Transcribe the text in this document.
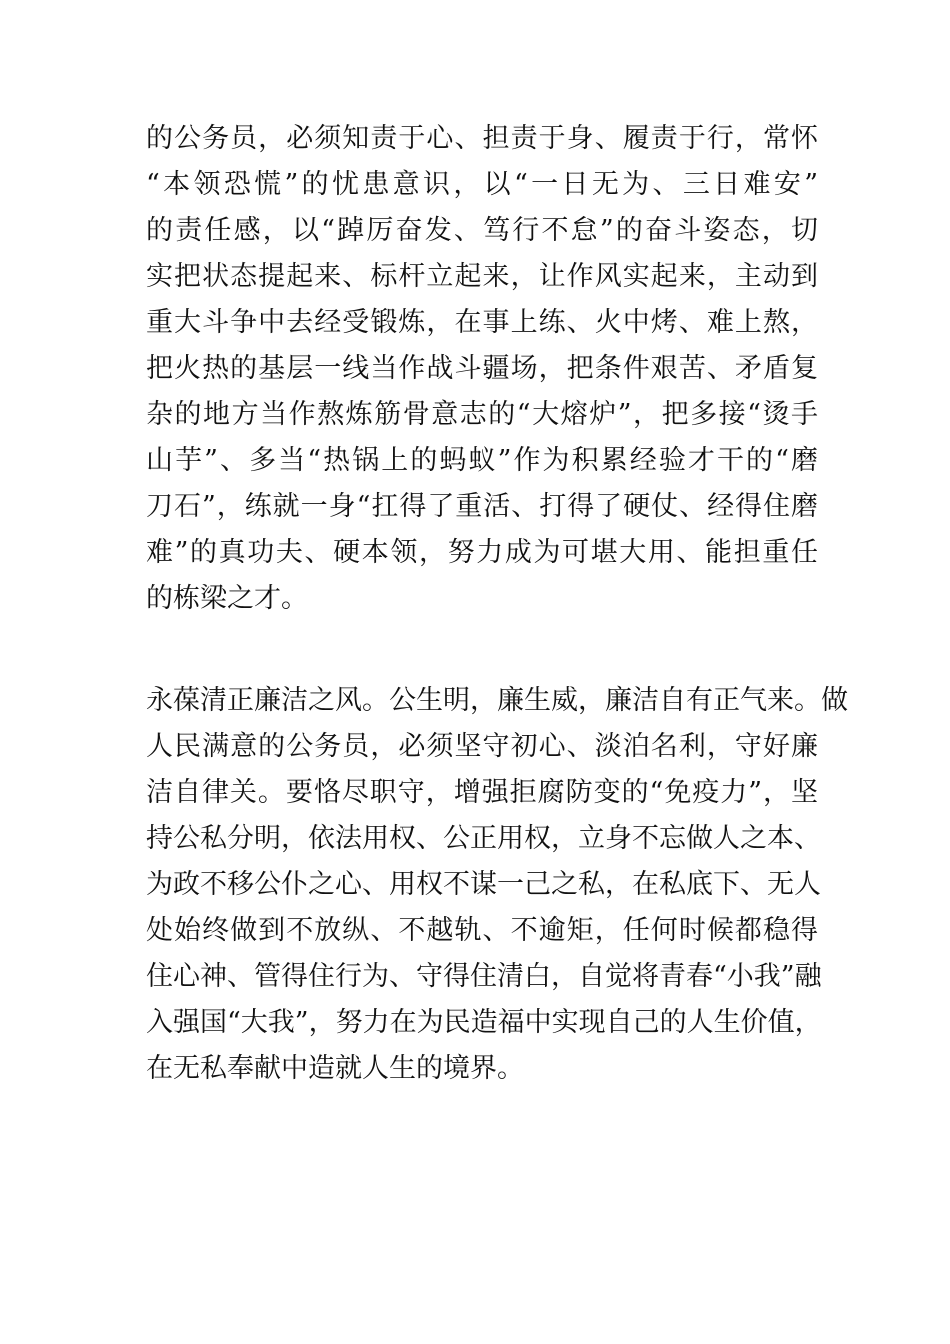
的公务员，必须知责于心、担责于身、履责于行，常怀
“本领恐慌”的忧患意识，以“一日无为、三日难安”
的责任感，以“踔厉奋发、笃行不怠”的奋斗姿态，切
实把状态提起来、标杆立起来，让作风实起来，主动到
重大斗争中去经受锻炼，在事上练、火中烤、难上熬，
把火热的基层一线当作战斗疆场，把条件艰苦、矛盾复
杂的地方当作熬炼筋骨意志的“大熔炉”，把多接“烫手
山芋”、多当“热锅上的蚂蚁”作为积累经验才干的“磨
刀石”，练就一身“扛得了重活、打得了硬仗、经得住磨
难”的真功夫、硬本领，努力成为可堪大用、能担重任
的栋梁之才。
永葆清正廉洁之风。公生明，廉生威，廉洁自有正气来。做
人民满意的公务员，必须坚守初心、淡泊名利，守好廉
洁自律关。要恪尽职守，增强拒腐防变的“免疫力”，坚
持公私分明，依法用权、公正用权，立身不忘做人之本、
为政不移公仆之心、用权不谋一己之私，在私底下、无人
处始终做到不放纵、不越轨、不逾矩，任何时候都稳得
住心神、管得住行为、守得住清白，自觉将青春“小我”融
入强国“大我”，努力在为民造福中实现自己的人生价值，
在无私奉献中造就人生的境界。
